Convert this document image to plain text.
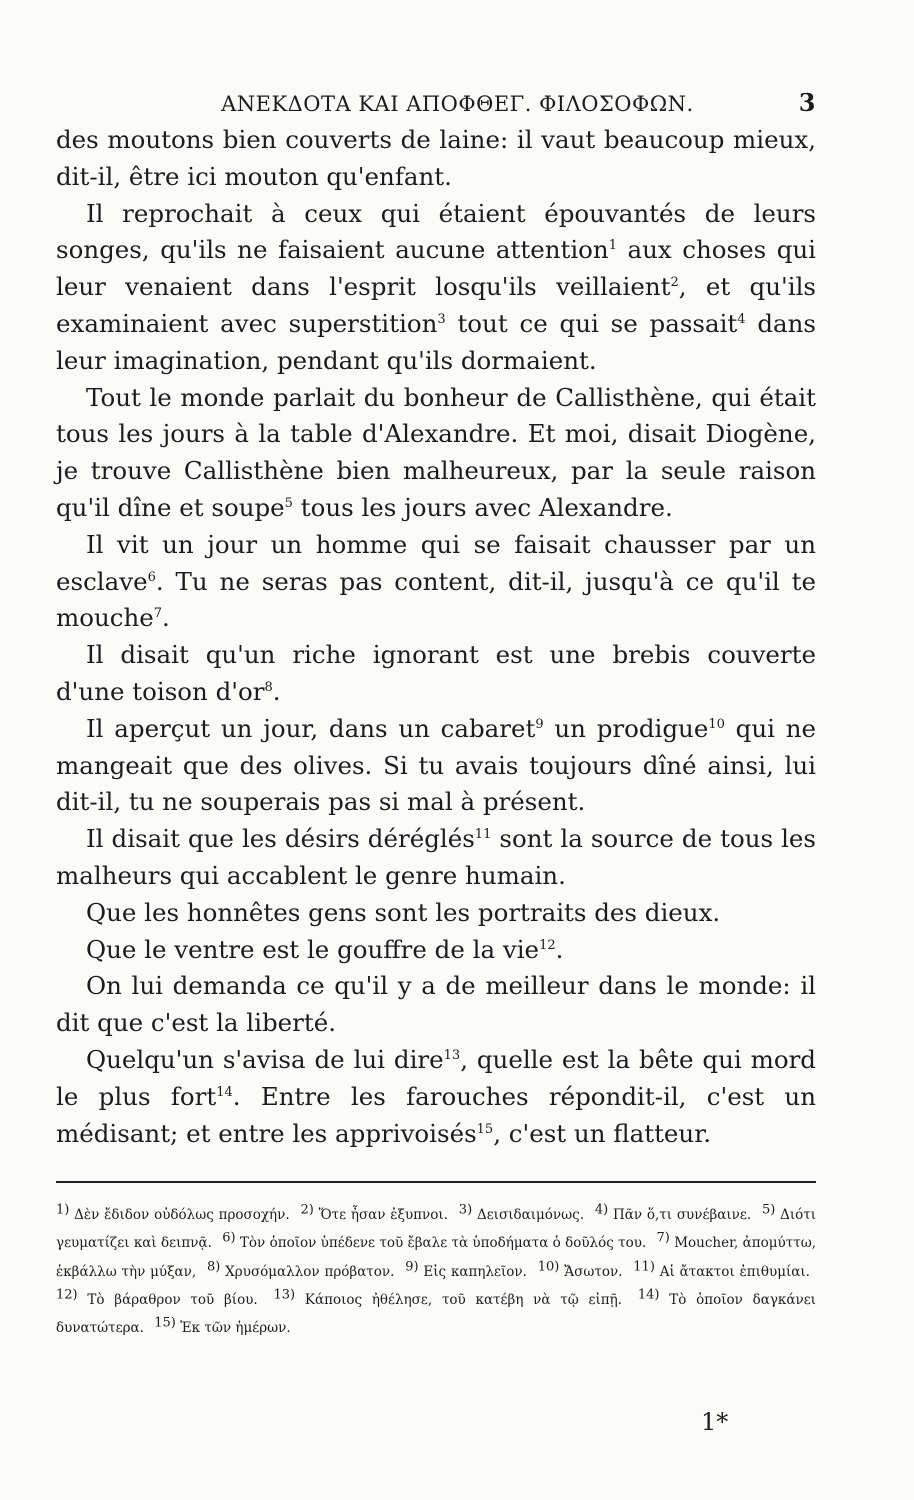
ΑΝΕΚΔΟΤΑ ΚΑΙ ΑΠΟΦΘΕΓ. ΦΙΛΟΣΟΦΩΝ.	3

des moutons bien couverts de laine: il vaut beaucoup mieux, dit-il, être ici mouton qu'enfant.

Il reprochait à ceux qui étaient épouvantés de leurs songes, qu'ils ne faisaient aucune attention$^1$ aux choses qui leur venaient dans l'esprit losqu'ils veillaient$^2$, et qu'ils examinaient avec superstition$^3$ tout ce qui se passait$^4$ dans leur imagination, pendant qu'ils dormaient.

Tout le monde parlait du bonheur de Callisthène, qui était tous les jours à la table d'Alexandre. Et moi, disait Diogène, je trouve Callisthène bien malheureux, par la seule raison qu'il dîne et soupe$^5$ tous les jours avec Alexandre.

Il vit un jour un homme qui se faisait chausser par un esclave$^6$. Tu ne seras pas content, dit-il, jusqu'à ce qu'il te mouche$^7$.

Il disait qu'un riche ignorant est une brebis couverte d'une toison $d'or^8$.

Il aperçut un jour, dans un cabaret$^9$ un prodigue$^{10}$ qui ne mangeait que des olives. Si tu avais toujours dîné ainsi, lui dit-il, tu ne souperais pas si mal à présent.

Il disait que les désirs déréglés$^{11}$ sont la source de tous les malheurs qui accablent le genre humain.

Que les honnêtes gens sont les portraits des dieux.

Que le ventre est le gouffre de la vie$^{12}$.

On lui demanda ce qu'il y a de meilleur dans le monde: il dit que c'est la liberté.

Quelqu'un s'avisa de lui dire$^{13}$, quelle est la bête qui mord le plus fort$^{14}$. Entre les farouches répondit-il, c'est un médisant; et entre les apprivoisés$^{15}$, c'est un flatteur.

$^{1)}$ Δὲν ἔδιδον οὐδόλως προσοχήν. $^{2)}$ Ὅτε ἦσαν ἐξυπνοι. $^{3)}$ Δεισιδαιμόνως. $^{4)}$ Πᾶν ὅ,τι συνέβαινε. $^{5)}$ Διότι γευματίζει καὶ δειπνᾷ. $^{6)}$ Τὸν ὁποῖον ὑπέδενε τοῦ ἔβαλε τὰ ὑποδήματα ὁ δοῦλός του. $^{7)}$ Moucher, ἀπομύττω, ἐκβάλλω τὴν μύξαν, $^{8)}$ Χρυσόμαλλον πρόβατον. $^{9)}$ Εἰς καπηλεῖον. $^{10)}$ Ἄσωτον. $^{11)}$ Αἱ ἄτακτοι ἐπιθυμίαι. $^{12)}$ Τὸ βάραθρον τοῦ βίου. $^{13)}$ Κάποιος ἠθέλησε, τοῦ κατέβη νὰ τῷ εἰπῇ. $^{14)}$ Τὸ ὁποῖον δαγκάνει δυνατώτερα. $^{15)}$ Ἐκ τῶν ἡμέρων.
1*
